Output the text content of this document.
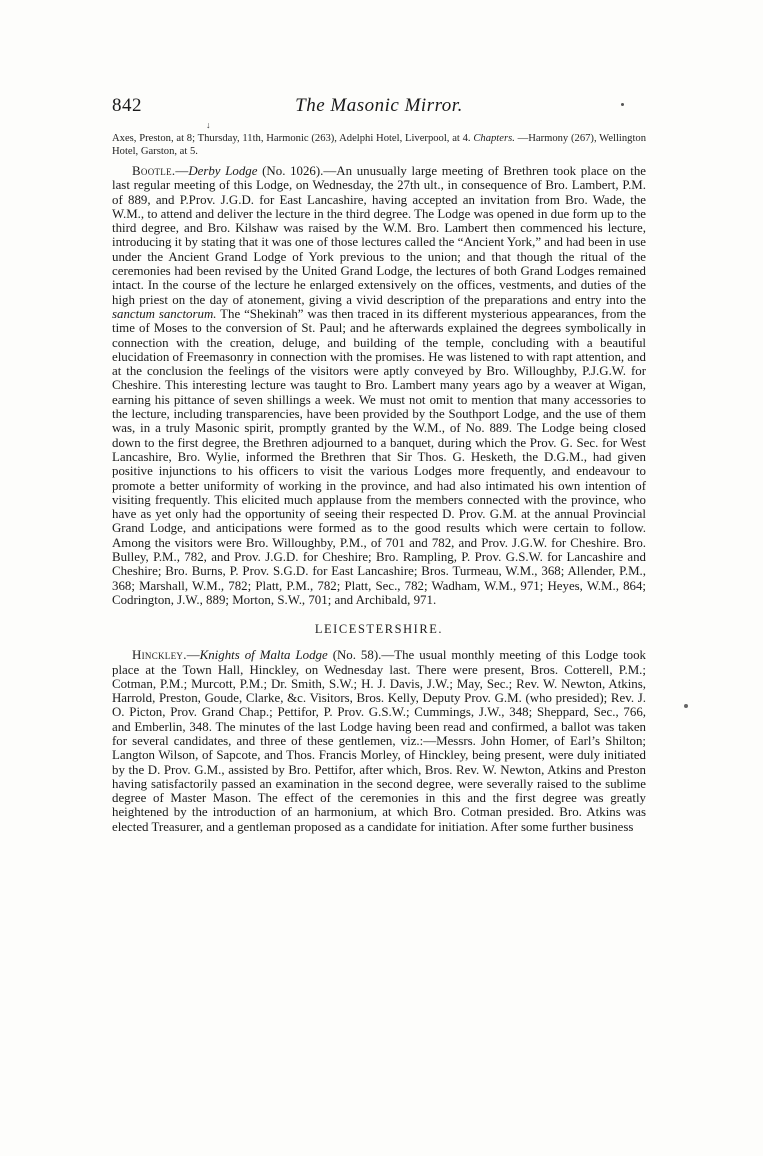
842	The Masonic Mirror.
↓

Axes, Preston, at 8; Thursday, 11th, Harmonic (263), Adelphi Hotel, Liverpool, at 4. Chapters. —Harmony (267), Wellington Hotel, Garston, at 5.

Bootle.—Derby Lodge (No. 1026).—An unusually large meeting of Brethren took place on the last regular meeting of this Lodge, on Wednesday, the 27th ult., in consequence of Bro. Lambert, P.M. of 889, and P.Prov. J.G.D. for East Lancashire, having accepted an invitation from Bro. Wade, the W.M., to attend and deliver the lecture in the third degree. The Lodge was opened in due form up to the third degree, and Bro. Kilshaw was raised by the W.M. Bro. Lambert then commenced his lecture, introducing it by stating that it was one of those lectures called the “Ancient York,” and had been in use under the Ancient Grand Lodge of York previous to the union; and that though the ritual of the ceremonies had been revised by the United Grand Lodge, the lectures of both Grand Lodges remained intact. In the course of the lecture he enlarged extensively on the offices, vestments, and duties of the high priest on the day of atonement, giving a vivid description of the preparations and entry into the sanctum sanctorum. The “Shekinah” was then traced in its different mysterious appearances, from the time of Moses to the conversion of St. Paul; and he afterwards explained the degrees symbolically in connection with the creation, deluge, and building of the temple, concluding with a beautiful elucidation of Freemasonry in connection with the promises. He was listened to with rapt attention, and at the conclusion the feelings of the visitors were aptly conveyed by Bro. Willoughby, P.J.G.W. for Cheshire. This interesting lecture was taught to Bro. Lambert many years ago by a weaver at Wigan, earning his pittance of seven shillings a week. We must not omit to mention that many accessories to the lecture, including transparencies, have been provided by the Southport Lodge, and the use of them was, in a truly Masonic spirit, promptly granted by the W.M., of No. 889. The Lodge being closed down to the first degree, the Brethren adjourned to a banquet, during which the Prov. G. Sec. for West Lancashire, Bro. Wylie, informed the Brethren that Sir Thos. G. Hesketh, the D.G.M., had given positive injunctions to his officers to visit the various Lodges more frequently, and endeavour to promote a better uniformity of working in the province, and had also intimated his own intention of visiting frequently. This elicited much applause from the members connected with the province, who have as yet only had the opportunity of seeing their respected D. Prov. G.M. at the annual Provincial Grand Lodge, and anticipations were formed as to the good results which were certain to follow. Among the visitors were Bro. Willoughby, P.M., of 701 and 782, and Prov. J.G.W. for Cheshire. Bro. Bulley, P.M., 782, and Prov. J.G.D. for Cheshire; Bro. Rampling, P. Prov. G.S.W. for Lancashire and Cheshire; Bro. Burns, P. Prov. S.G.D. for East Lancashire; Bros. Turmeau, W.M., 368; Allender, P.M., 368; Marshall, W.M., 782; Platt, P.M., 782; Platt, Sec., 782; Wadham, W.M., 971; Heyes, W.M., 864; Codrington, J.W., 889; Morton, S.W., 701; and Archibald, 971.

LEICESTERSHIRE.

Hinckley.—Knights of Malta Lodge (No. 58).—The usual monthly meeting of this Lodge took place at the Town Hall, Hinckley, on Wednesday last. There were present, Bros. Cotterell, P.M.; Cotman, P.M.; Murcott, P.M.; Dr. Smith, S.W.; H. J. Davis, J.W.; May, Sec.; Rev. W. Newton, Atkins, Harrold, Preston, Goude, Clarke, &c. Visitors, Bros. Kelly, Deputy Prov. G.M. (who presided); Rev. J. O. Picton, Prov. Grand Chap.; Pettifor, P. Prov. G.S.W.; Cummings, J.W., 348; Sheppard, Sec., 766, and Emberlin, 348. The minutes of the last Lodge having been read and confirmed, a ballot was taken for several candidates, and three of these gentlemen, viz.:—Messrs. John Homer, of Earl’s Shilton; Langton Wilson, of Sapcote, and Thos. Francis Morley, of Hinckley, being present, were duly initiated by the D. Prov. G.M., assisted by Bro. Pettifor, after which, Bros. Rev. W. Newton, Atkins and Preston having satisfactorily passed an examination in the second degree, were severally raised to the sublime degree of Master Mason. The effect of the ceremonies in this and the first degree was greatly heightened by the introduction of an harmonium, at which Bro. Cotman presided. Bro. Atkins was elected Treasurer, and a gentleman proposed as a candidate for initiation. After some further business
